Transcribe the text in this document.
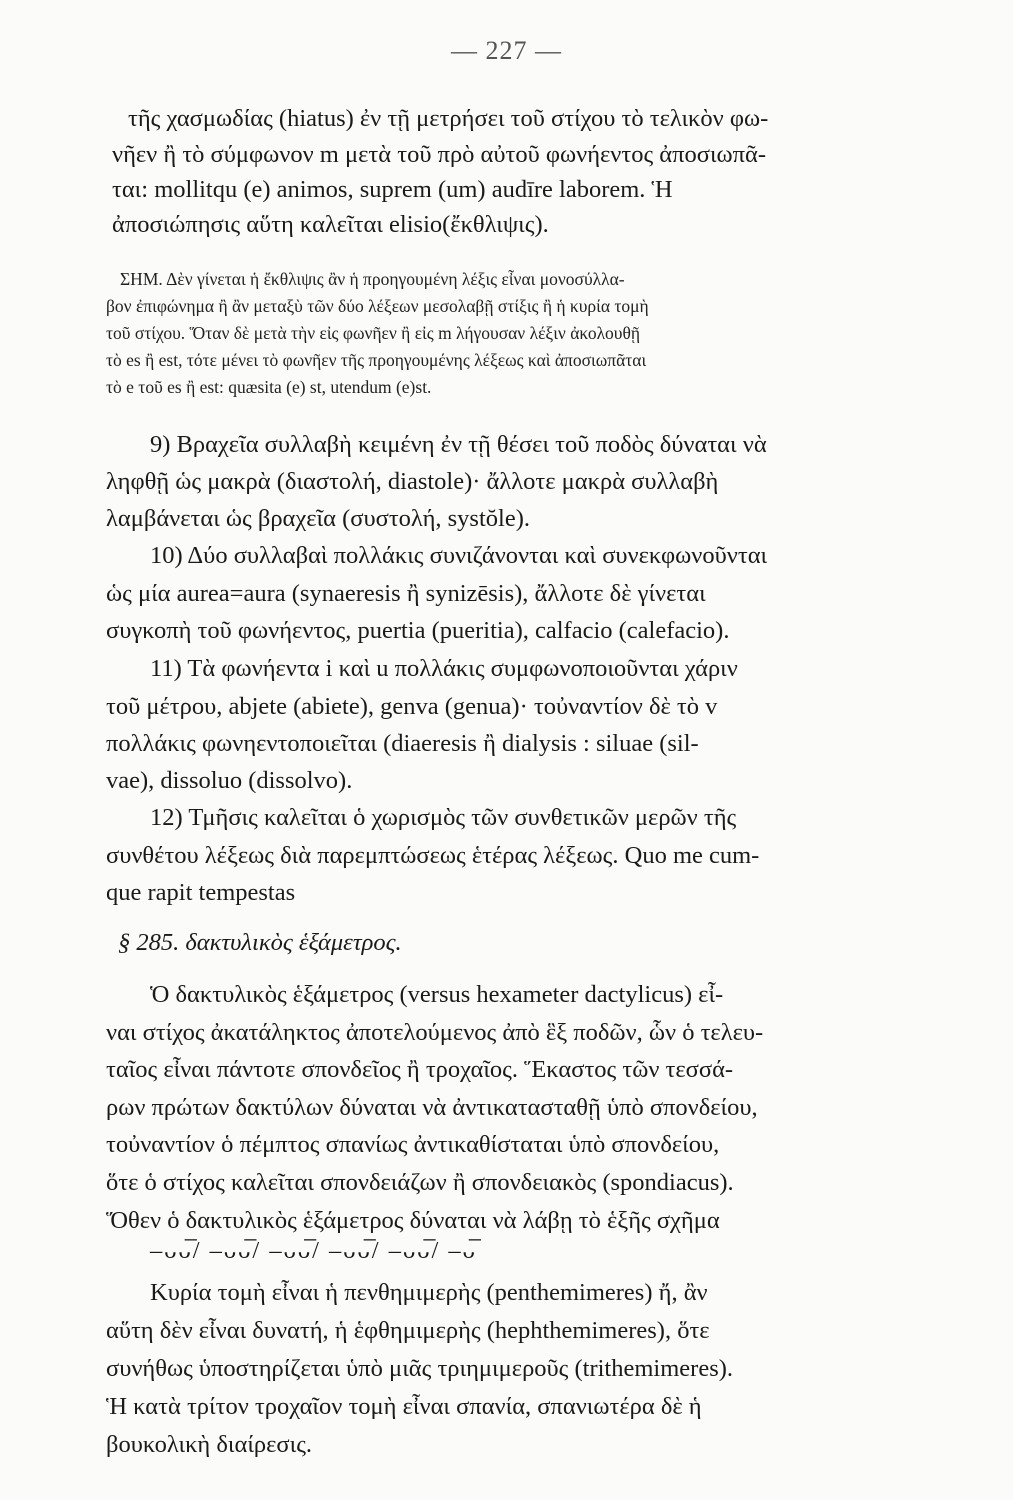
— 227 —
τῆς χασμωδίας (hiatus) ἐν τῇ μετρήσει τοῦ στίχου τὸ τελικὸν φω-
νῆεν ἢ τὸ σύμφωνον m μετὰ τοῦ πρὸ αὐτοῦ φωνήεντος ἀποσιωπᾶ-
ται: mollitqu (e) animos, suprem (um) audīre laborem. Ἡ
ἀποσιώπησις αὕτη καλεῖται elisio(ἔκθλιψις).
ΣΗΜ. Δὲν γίνεται ἡ ἔκθλιψις ἂν ἡ προηγουμένη λέξις εἶναι μονοσύλλα-
βον ἐπιφώνημα ἢ ἂν μεταξὺ τῶν δύο λέξεων μεσολαβῇ στίξις ἢ ἡ κυρία τομὴ
τοῦ στίχου. Ὅταν δὲ μετὰ τὴν εἰς φωνῆεν ἢ εἰς m λήγουσαν λέξιν ἀκολουθῇ
τὸ es ἢ est, τότε μένει τὸ φωνῆεν τῆς προηγουμένης λέξεως καὶ ἀποσιωπᾶται
τὸ e τοῦ es ἢ est: quæsita (e) st, utendum (e)st.
9) Βραχεῖα συλλαβὴ κειμένη ἐν τῇ θέσει τοῦ ποδὸς δύναται νὰ
ληφθῇ ὡς μακρὰ (διαστολή, diastole)· ἄλλοτε μακρὰ συλλαβὴ
λαμβάνεται ὡς βραχεῖα (συστολή, systŏle).
10) Δύο συλλαβαὶ πολλάκις συνιζάνονται καὶ συνεκφωνοῦνται
ὡς μία aurea=aura (synaeresis ἢ synizēsis), ἄλλοτε δὲ γίνεται
συγκοπὴ τοῦ φωνήεντος, puertia (pueritia), calfacio (calefacio).
11) Τὰ φωνήεντα i καὶ u πολλάκις συμφωνοποιοῦνται χάριν
τοῦ μέτρου, abjete (abiete), genva (genua)· τοὐναντίον δὲ τὸ v
πολλάκις φωνηεντοποιεῖται (diaeresis ἢ dialysis : siluae (sil-
vae), dissoluo (dissolvo).
12) Τμῆσις καλεῖται ὁ χωρισμὸς τῶν συνθετικῶν μερῶν τῆς
συνθέτου λέξεως διὰ παρεμπτώσεως ἑτέρας λέξεως. Quo me cum-
que rapit tempestas
§ 285. δακτυλικὸς ἑξάμετρος.
Ὁ δακτυλικὸς ἑξάμετρος (versus hexameter dactylicus) εἶ-
ναι στίχος ἀκατάληκτος ἀποτελούμενος ἀπὸ ἓξ ποδῶν, ὧν ὁ τελευ-
ταῖος εἶναι πάντοτε σπονδεῖος ἢ τροχαῖος. Ἕκαστος τῶν τεσσά-
ρων πρώτων δακτύλων δύναται νὰ ἀντικατασταθῇ ὑπὸ σπονδείου,
τοὐναντίον ὁ πέμπτος σπανίως ἀντικαθίσταται ὑπὸ σπονδείου,
ὅτε ὁ στίχος καλεῖται σπονδειάζων ἢ σπονδειακὸς (spondiacus).
Ὅθεν ὁ δακτυλικὸς ἑξάμετρος δύναται νὰ λάβῃ τὸ ἑξῆς σχῆμα
–ᴗᴗ̅/ –ᴗᴗ̅/ –ᴗᴗ̅/ –ᴗᴗ̅/ –ᴗᴗ̅/ –ᴗ̅
Κυρία τομὴ εἶναι ἡ πενθημιμερὴς (penthemimeres) ἤ, ἂν
αὕτη δὲν εἶναι δυνατή, ἡ ἑφθημιμερὴς (hephthemimeres), ὅτε
συνήθως ὑποστηρίζεται ὑπὸ μιᾶς τριημιμεροῦς (trithemimeres).
Ἡ κατὰ τρίτον τροχαῖον τομὴ εἶναι σπανία, σπανιωτέρα δὲ ἡ
βουκολικὴ διαίρεσις.
